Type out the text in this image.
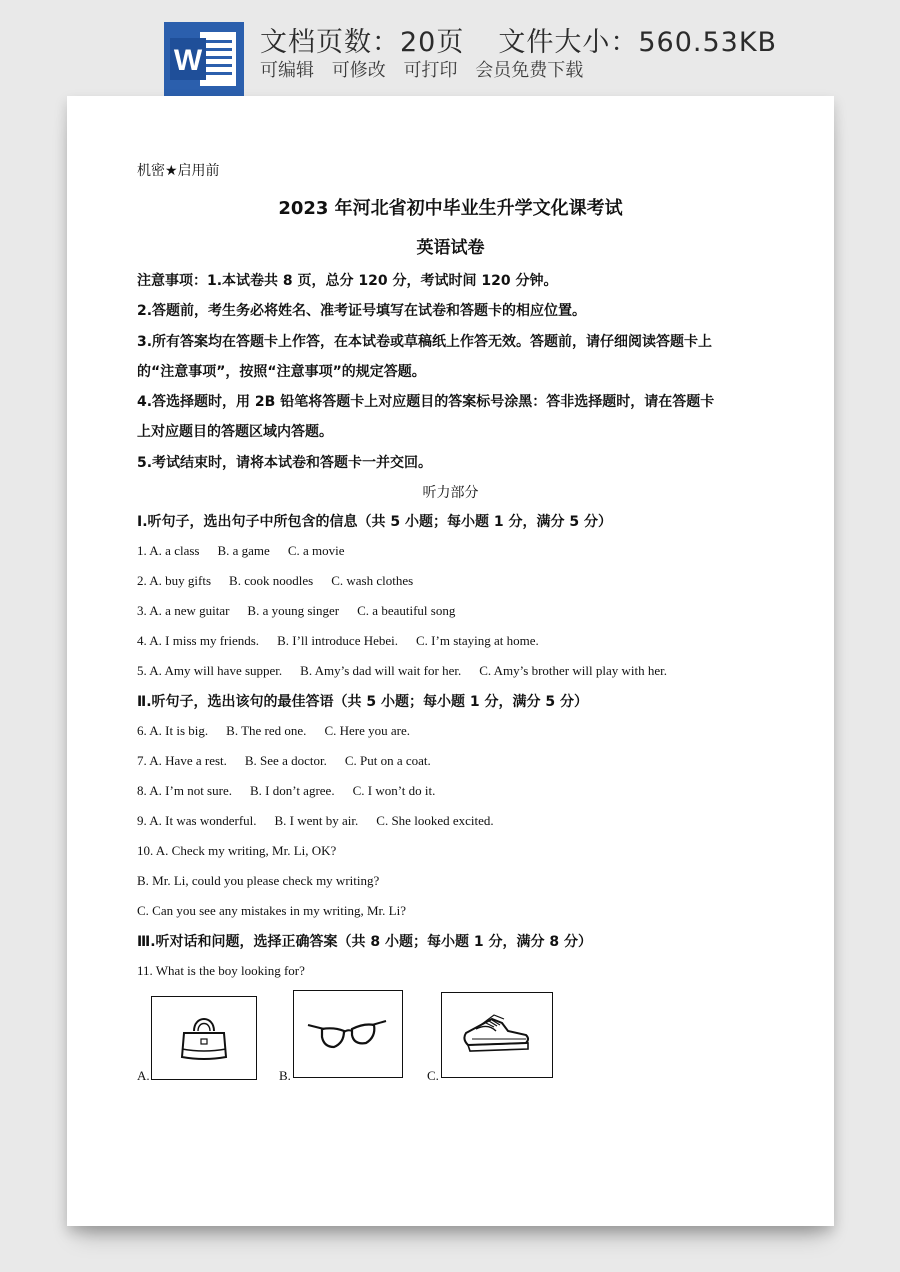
W
文档页数：20页 文件大小：560.53KB
可编辑 可修改 可打印 会员免费下载
机密★启用前
2023 年河北省初中毕业生升学文化课考试
英语试卷
注意事项：1.本试卷共 8 页，总分 120 分，考试时间 120 分钟。
2.答题前，考生务必将姓名、准考证号填写在试卷和答题卡的相应位置。
3.所有答案均在答题卡上作答，在本试卷或草稿纸上作答无效。答题前，请仔细阅读答题卡上
的“注意事项”，按照“注意事项”的规定答题。
4.答选择题时，用 2B 铅笔将答题卡上对应题目的答案标号涂黑：答非选择题时，请在答题卡
上对应题目的答题区域内答题。
5.考试结束时，请将本试卷和答题卡一并交回。
听力部分
Ⅰ.听句子，选出句子中所包含的信息（共 5 小题；每小题 1 分，满分 5 分）
1. A. a class B. a game C. a movie
2. A. buy gifts B. cook noodles C. wash clothes
3. A. a new guitar B. a young singer C. a beautiful song
4. A. I miss my friends. B. I’ll introduce Hebei. C. I’m staying at home.
5. A. Amy will have supper. B. Amy’s dad will wait for her. C. Amy’s brother will play with her.
Ⅱ.听句子，选出该句的最佳答语（共 5 小题；每小题 1 分，满分 5 分）
6. A. It is big. B. The red one. C. Here you are.
7. A. Have a rest. B. See a doctor. C. Put on a coat.
8. A. I’m not sure. B. I don’t agree. C. I won’t do it.
9. A. It was wonderful. B. I went by air. C. She looked excited.
10. A. Check my writing, Mr. Li, OK?
B. Mr. Li, could you please check my writing?
C. Can you see any mistakes in my writing, Mr. Li?
Ⅲ.听对话和问题，选择正确答案（共 8 小题；每小题 1 分，满分 8 分）
11. What is the boy looking for?
A.	B.	C.
